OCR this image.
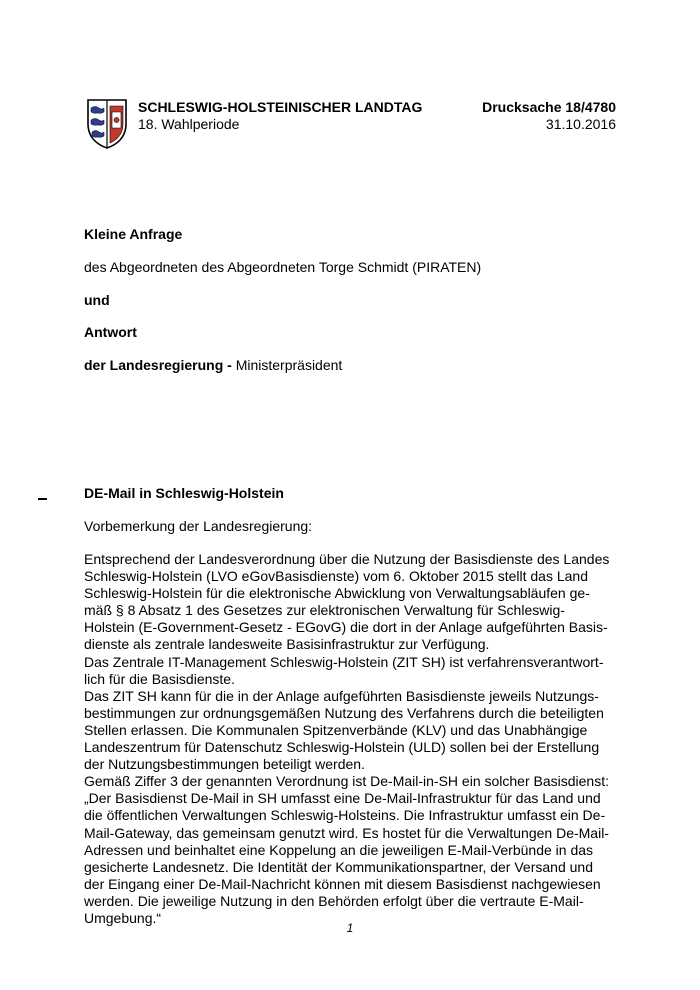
SCHLESWIG-HOLSTEINISCHER LANDTAG
18. Wahlperiode
Drucksache 18/4780
31.10.2016
Kleine Anfrage
des Abgeordneten des Abgeordneten Torge Schmidt (PIRATEN)
und
Antwort
der Landesregierung - Ministerpräsident
DE-Mail in Schleswig-Holstein
Vorbemerkung der Landesregierung:
Entsprechend der Landesverordnung über die Nutzung der Basisdienste des Landes
Schleswig-Holstein (LVO eGovBasisdienste) vom 6. Oktober 2015 stellt das Land
Schleswig-Holstein für die elektronische Abwicklung von Verwaltungsabläufen ge-
mäß § 8 Absatz 1 des Gesetzes zur elektronischen Verwaltung für Schleswig-
Holstein (E-Government-Gesetz - EGovG) die dort in der Anlage aufgeführten Basis-
dienste als zentrale landesweite Basisinfrastruktur zur Verfügung.
Das Zentrale IT-Management Schleswig-Holstein (ZIT SH) ist verfahrensverantwort-
lich für die Basisdienste.
Das ZIT SH kann für die in der Anlage aufgeführten Basisdienste jeweils Nutzungs-
bestimmungen zur ordnungsgemäßen Nutzung des Verfahrens durch die beteiligten
Stellen erlassen. Die Kommunalen Spitzenverbände (KLV) und das Unabhängige
Landeszentrum für Datenschutz Schleswig-Holstein (ULD) sollen bei der Erstellung
der Nutzungsbestimmungen beteiligt werden.
Gemäß Ziffer 3 der genannten Verordnung ist De-Mail-in-SH ein solcher Basisdienst:
„Der Basisdienst De-Mail in SH umfasst eine De-Mail-Infrastruktur für das Land und
die öffentlichen Verwaltungen Schleswig-Holsteins. Die Infrastruktur umfasst ein De-
Mail-Gateway, das gemeinsam genutzt wird. Es hostet für die Verwaltungen De-Mail-
Adressen und beinhaltet eine Koppelung an die jeweiligen E-Mail-Verbünde in das
gesicherte Landesnetz. Die Identität der Kommunikationspartner, der Versand und
der Eingang einer De-Mail-Nachricht können mit diesem Basisdienst nachgewiesen
werden. Die jeweilige Nutzung in den Behörden erfolgt über die vertraute E-Mail-
Umgebung.“
1
